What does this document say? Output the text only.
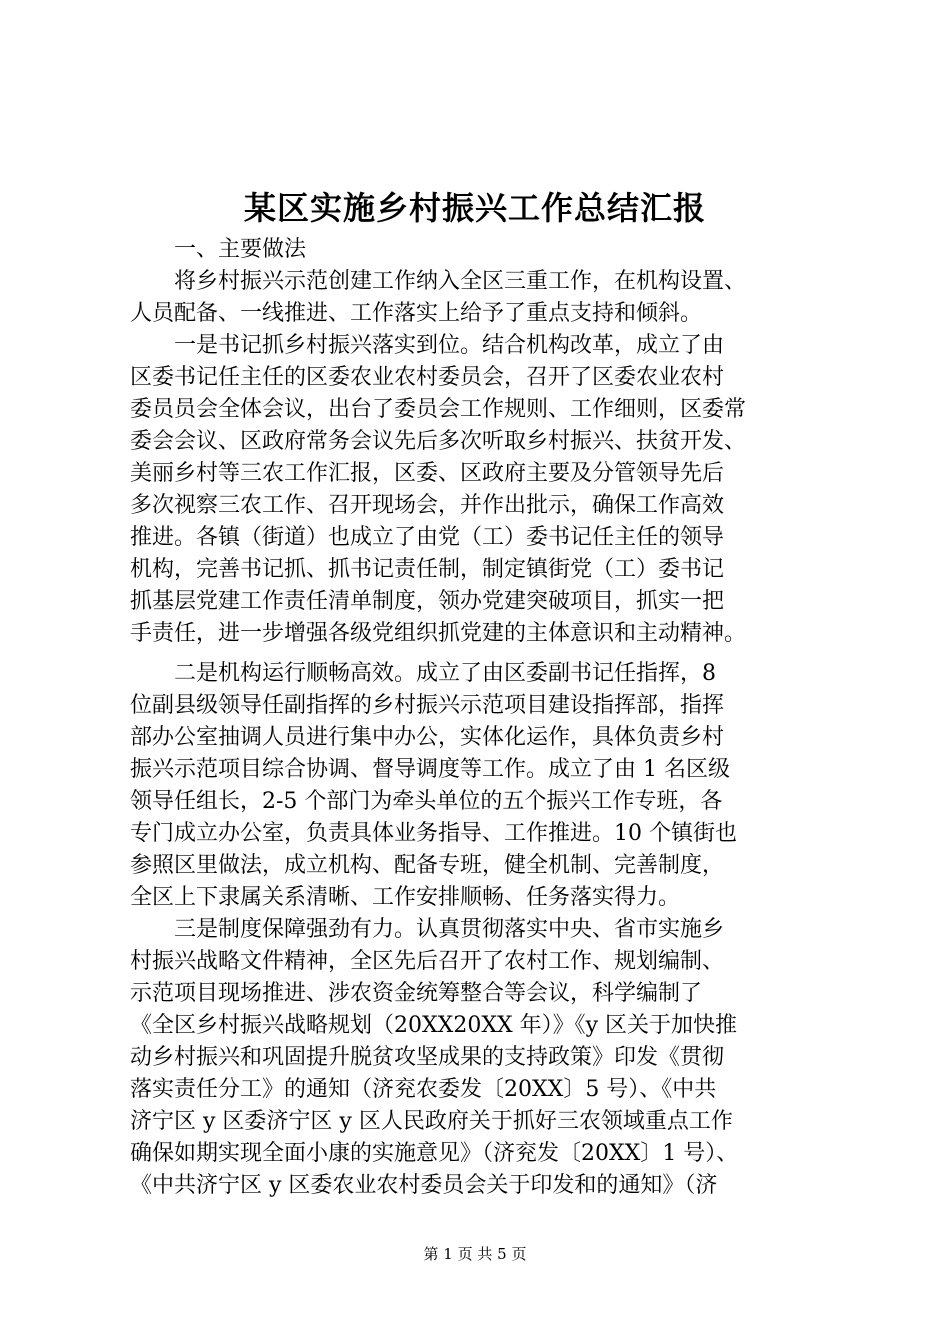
某区实施乡村振兴工作总结汇报
　　一、主要做法
　　将乡村振兴示范创建工作纳入全区三重工作，在机构设置、
人员配备、一线推进、工作落实上给予了重点支持和倾斜。
　　一是书记抓乡村振兴落实到位。结合机构改革，成立了由
区委书记任主任的区委农业农村委员会，召开了区委农业农村
委员员会全体会议，出台了委员会工作规则、工作细则，区委常
委会会议、区政府常务会议先后多次听取乡村振兴、扶贫开发、
美丽乡村等三农工作汇报，区委、区政府主要及分管领导先后
多次视察三农工作、召开现场会，并作出批示，确保工作高效
推进。各镇（街道）也成立了由党（工）委书记任主任的领导
机构，完善书记抓、抓书记责任制，制定镇街党（工）委书记
抓基层党建工作责任清单制度，领办党建突破项目，抓实一把
手责任，进一步增强各级党组织抓党建的主体意识和主动精神。
　　二是机构运行顺畅高效。成立了由区委副书记任指挥，8
位副县级领导任副指挥的乡村振兴示范项目建设指挥部，指挥
部办公室抽调人员进行集中办公，实体化运作，具体负责乡村
振兴示范项目综合协调、督导调度等工作。成立了由 1 名区级
领导任组长，2-5 个部门为牵头单位的五个振兴工作专班，各
专门成立办公室，负责具体业务指导、工作推进。10 个镇街也
参照区里做法，成立机构、配备专班，健全机制、完善制度，
全区上下隶属关系清晰、工作安排顺畅、任务落实得力。
　　三是制度保障强劲有力。认真贯彻落实中央、省市实施乡
村振兴战略文件精神，全区先后召开了农村工作、规划编制、
示范项目现场推进、涉农资金统筹整合等会议，科学编制了
《全区乡村振兴战略规划（20XX20XX 年）》《y 区关于加快推
动乡村振兴和巩固提升脱贫攻坚成果的支持政策》印发《贯彻
落实责任分工》的通知（济兖农委发〔20XX〕5 号）、《中共
济宁区 y 区委济宁区 y 区人民政府关于抓好三农领域重点工作
确保如期实现全面小康的实施意见》（济兖发〔20XX〕1 号）、
《中共济宁区 y 区委农业农村委员会关于印发和的通知》（济
第 1 页 共 5 页
